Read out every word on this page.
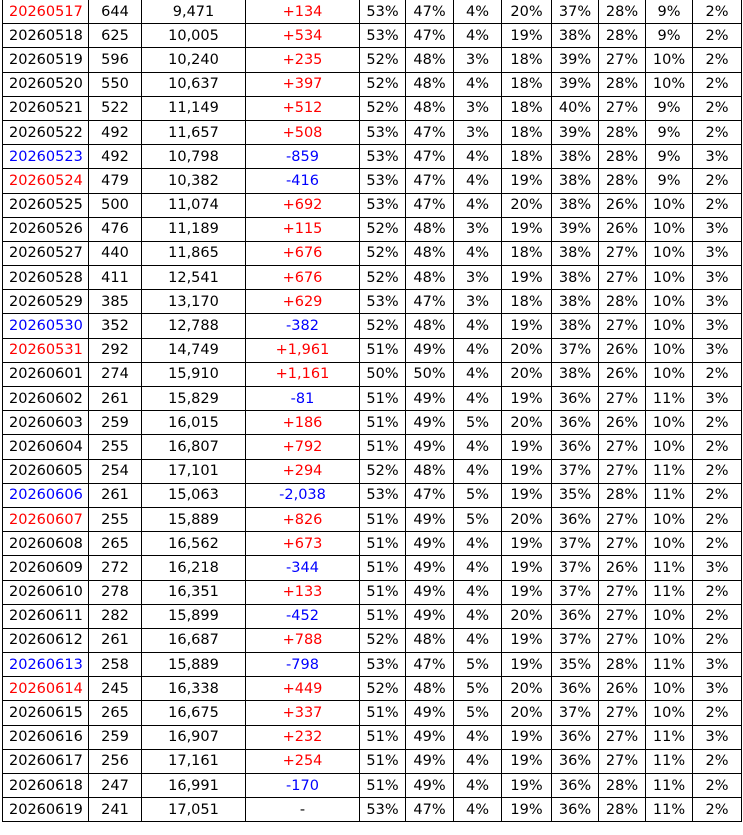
20260517	644	9,471	+134	53%	47%	4%	20%	37%	28%	9%	2%
20260518	625	10,005	+534	53%	47%	4%	19%	38%	28%	9%	2%
20260519	596	10,240	+235	52%	48%	3%	18%	39%	27%	10%	2%
20260520	550	10,637	+397	52%	48%	4%	18%	39%	28%	10%	2%
20260521	522	11,149	+512	52%	48%	3%	18%	40%	27%	9%	2%
20260522	492	11,657	+508	53%	47%	3%	18%	39%	28%	9%	2%
20260523	492	10,798	-859	53%	47%	4%	18%	38%	28%	9%	3%
20260524	479	10,382	-416	53%	47%	4%	19%	38%	28%	9%	2%
20260525	500	11,074	+692	53%	47%	4%	20%	38%	26%	10%	2%
20260526	476	11,189	+115	52%	48%	3%	19%	39%	26%	10%	3%
20260527	440	11,865	+676	52%	48%	4%	18%	38%	27%	10%	3%
20260528	411	12,541	+676	52%	48%	3%	19%	38%	27%	10%	3%
20260529	385	13,170	+629	53%	47%	3%	18%	38%	28%	10%	3%
20260530	352	12,788	-382	52%	48%	4%	19%	38%	27%	10%	3%
20260531	292	14,749	+1,961	51%	49%	4%	20%	37%	26%	10%	3%
20260601	274	15,910	+1,161	50%	50%	4%	20%	38%	26%	10%	2%
20260602	261	15,829	-81	51%	49%	4%	19%	36%	27%	11%	3%
20260603	259	16,015	+186	51%	49%	5%	20%	36%	26%	10%	2%
20260604	255	16,807	+792	51%	49%	4%	19%	36%	27%	10%	2%
20260605	254	17,101	+294	52%	48%	4%	19%	37%	27%	11%	2%
20260606	261	15,063	-2,038	53%	47%	5%	19%	35%	28%	11%	2%
20260607	255	15,889	+826	51%	49%	5%	20%	36%	27%	10%	2%
20260608	265	16,562	+673	51%	49%	4%	19%	37%	27%	10%	2%
20260609	272	16,218	-344	51%	49%	4%	19%	37%	26%	11%	3%
20260610	278	16,351	+133	51%	49%	4%	19%	37%	27%	11%	2%
20260611	282	15,899	-452	51%	49%	4%	20%	36%	27%	10%	2%
20260612	261	16,687	+788	52%	48%	4%	19%	37%	27%	10%	2%
20260613	258	15,889	-798	53%	47%	5%	19%	35%	28%	11%	3%
20260614	245	16,338	+449	52%	48%	5%	20%	36%	26%	10%	3%
20260615	265	16,675	+337	51%	49%	5%	20%	37%	27%	10%	2%
20260616	259	16,907	+232	51%	49%	4%	19%	36%	27%	11%	3%
20260617	256	17,161	+254	51%	49%	4%	19%	36%	27%	11%	2%
20260618	247	16,991	-170	51%	49%	4%	19%	36%	28%	11%	2%
20260619	241	17,051	-	53%	47%	4%	19%	36%	28%	11%	2%
